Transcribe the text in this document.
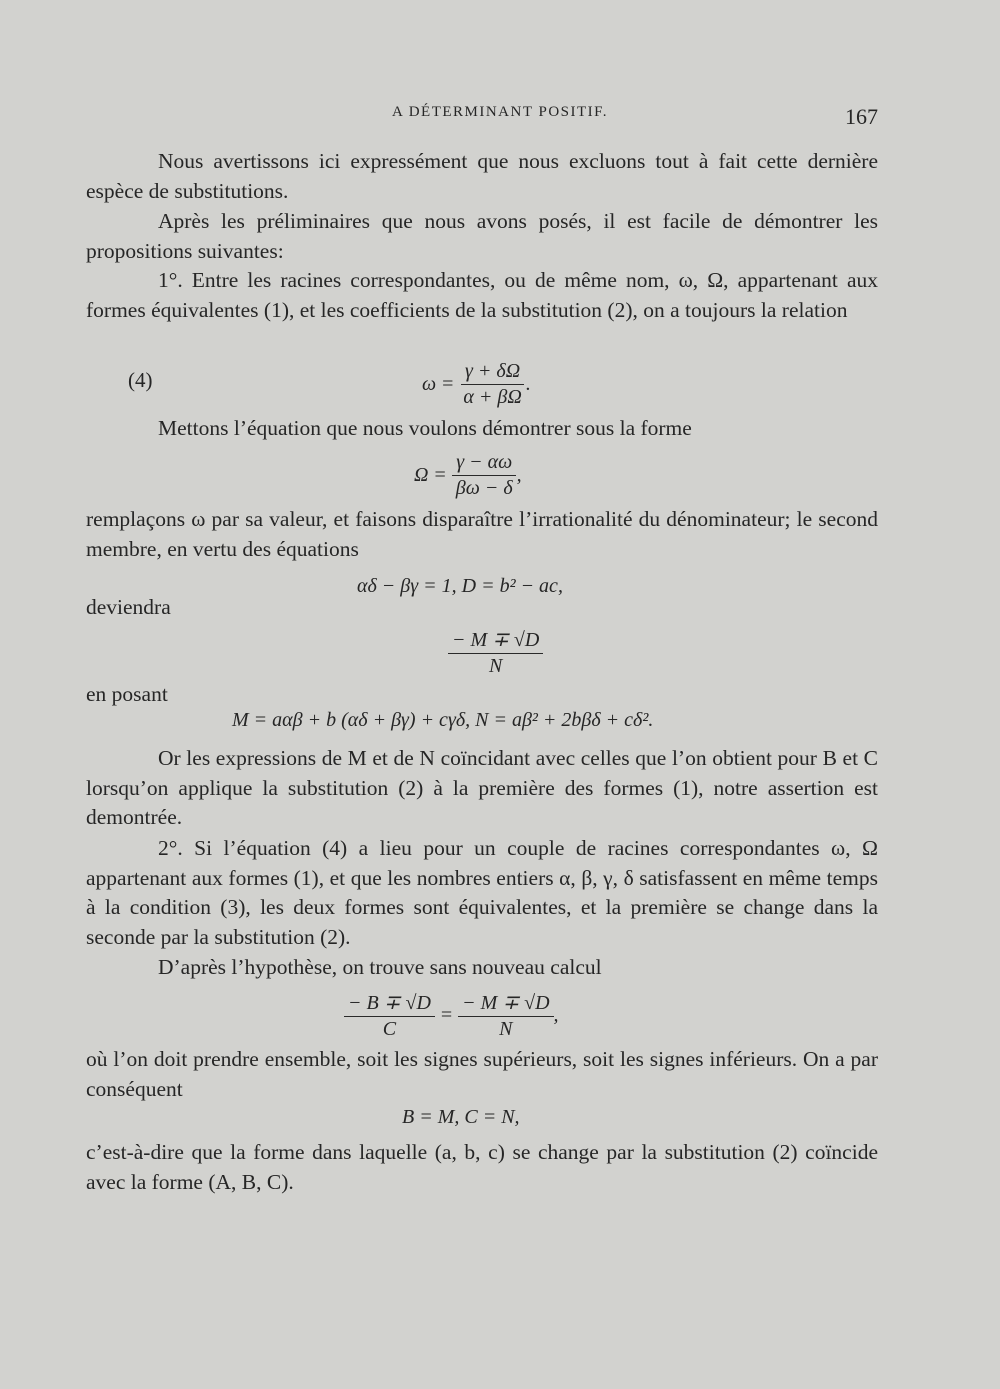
A DÉTERMINANT POSITIF.	167
Nous avertissons ici expressément que nous excluons tout à fait cette dernière espèce de substitutions.
Après les préliminaires que nous avons posés, il est facile de démontrer les propositions suivantes:
1°. Entre les racines correspondantes, ou de même nom, ω, Ω, appartenant aux formes équivalentes (1), et les coefficients de la substitution (2), on a toujours la relation
(4)	$\omega = \frac{\gamma + \delta\Omega}{\alpha + \beta\Omega}$ .
Mettons l’équation que nous voulons démontrer sous la forme
$\Omega = \frac{\gamma - \alpha\omega}{\beta\omega - \delta}$ ,
remplaçons ω par sa valeur, et faisons disparaître l’irrationalité du dénominateur; le second membre, en vertu des équations
αδ − βγ = 1, D = b² − ac,
deviendra
$\frac{- M \mp √D}{N}$
en posant
M = aαβ + b (αδ + βγ) + cγδ, N = aβ² + 2bβδ + cδ².
Or les expressions de M et de N coïncidant avec celles que l’on obtient pour B et C lorsqu’on applique la substitution (2) à la première des formes (1), notre assertion est demontrée.
2°. Si l’équation (4) a lieu pour un couple de racines correspondantes ω, Ω appartenant aux formes (1), et que les nombres entiers α, β, γ, δ satisfassent en même temps à la condition (3), les deux formes sont équivalentes, et la première se change dans la seconde par la substitution (2).
D’après l’hypothèse, on trouve sans nouveau calcul
$\frac{- B \mp √D}{C} = \frac{- M \mp √D}{N}$ ,
où l’on doit prendre ensemble, soit les signes supérieurs, soit les signes inférieurs. On a par conséquent
B = M, C = N,
c’est-à-dire que la forme dans laquelle (a, b, c) se change par la substitution (2) coïncide avec la forme (A, B, C).
